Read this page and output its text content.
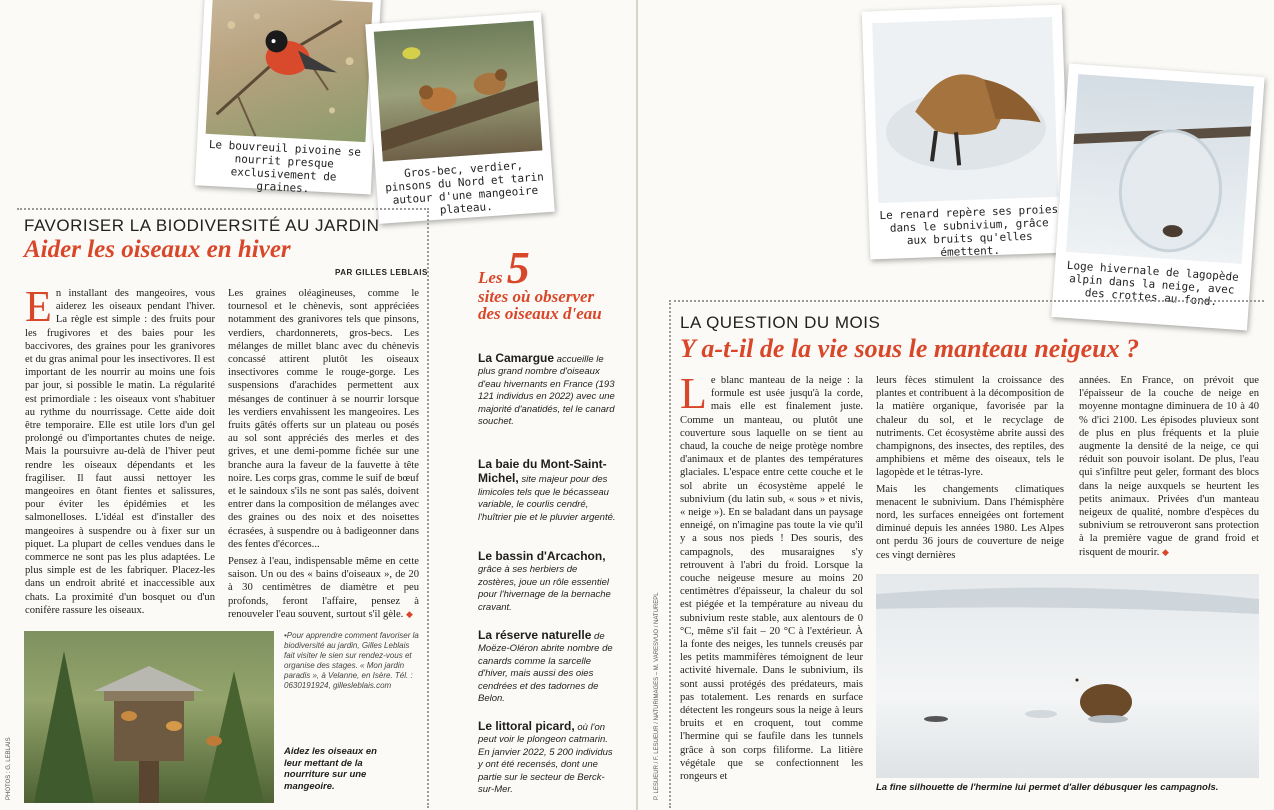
Le bouvreuil pivoine se nourrit presque exclusivement de graines.
Gros-bec, verdier, pinsons du Nord et tarin autour d'une mangeoire plateau.
FAVORISER LA BIODIVERSITÉ AU JARDIN
Aider les oiseaux en hiver
PAR GILLES LEBLAIS
En installant des mangeoires, vous aiderez les oiseaux pendant l'hiver. La règle est simple : des fruits pour les frugivores et des baies pour les baccivores, des graines pour les granivores et du gras animal pour les insectivores. Il est important de les nourrir au moins une fois par jour, si possible le matin. La régularité est primordiale : les oiseaux vont s'habituer au rythme du nourrissage. Cette aide doit être temporaire. Elle est utile lors d'un gel prolongé ou d'importantes chutes de neige. Mais la poursuivre au-delà de l'hiver peut rendre les oiseaux dépendants et les fragiliser. Il faut aussi nettoyer les mangeoires en ôtant fientes et salissures, pour éviter les épidémies et les salmonelloses. L'idéal est d'installer des mangeoires à suspendre ou à fixer sur un piquet. La plupart de celles vendues dans le commerce ne sont pas les plus adaptées. Le plus simple est de les fabriquer. Placez-les dans un endroit abrité et inaccessible aux chats. La proximité d'un bosquet ou d'un conifère rassure les oiseaux.

Les graines oléagineuses, comme le tournesol et le chènevis, sont appréciées notamment des granivores tels que pinsons, verdiers, chardonnerets, gros-becs. Les mélanges de millet blanc avec du chènevis concassé attirent plutôt les oiseaux insectivores comme le rouge-gorge. Les suspensions d'arachides permettent aux mésanges de continuer à se nourrir lorsque les verdiers envahissent les mangeoires. Les fruits gâtés offerts sur un plateau ou posés au sol sont appréciés des merles et des grives, et une demi-pomme fichée sur une branche aura la faveur de la fauvette à tête noire. Les corps gras, comme le suif de bœuf et le saindoux s'ils ne sont pas salés, doivent entrer dans la composition de mélanges avec des graines ou des noix et des noisettes écrasées, à suspendre ou à badigeonner dans des fentes d'écorces...

Pensez à l'eau, indispensable même en cette saison. Un ou des « bains d'oiseaux », de 20 à 30 centimètres de diamètre et peu profonds, feront l'affaire, pensez à renouveler l'eau souvent, surtout s'il gèle. ◆

•Pour apprendre comment favoriser la biodiversité au jardin, Gilles Leblais fait visiter le sien sur rendez-vous et organise des stages. « Mon jardin paradis », à Velanne, en Isère. Tél. : 0630191924, gillesleblais.com
Aidez les oiseaux en leur mettant de la nourriture sur une mangeoire.
PHOTOS : G. LEBLAIS
Les 5
sites où observer des oiseaux d'eau
La Camargue accueille le plus grand nombre d'oiseaux d'eau hivernants en France (193 121 individus en 2022) avec une majorité d'anatidés, tel le canard souchet.
La baie du Mont-Saint-Michel, site majeur pour des limicoles tels que le bécasseau variable, le courlis cendré, l'huîtrier pie et le pluvier argenté.
Le bassin d'Arcachon, grâce à ses herbiers de zostères, joue un rôle essentiel pour l'hivernage de la bernache cravant.
La réserve naturelle de Moëze-Oléron abrite nombre de canards comme la sarcelle d'hiver, mais aussi des oies cendrées et des tadornes de Belon.
Le littoral picard, où l'on peut voir le plongeon catmarin. En janvier 2022, 5 200 individus y ont été recensés, dont une partie sur le secteur de Berck-sur-Mer.
Le renard repère ses proies dans le subnivium, grâce aux bruits qu'elles émettent.
Loge hivernale de lagopède alpin dans la neige, avec des crottes au fond.
LA QUESTION DU MOIS
Y a-t-il de la vie sous le manteau neigeux ?
Le blanc manteau de la neige : la formule est usée jusqu'à la corde, mais elle est finalement juste. Comme un manteau, ou plutôt une couverture sous laquelle on se tient au chaud, la couche de neige protège nombre d'animaux et de plantes des températures glaciales. L'espace entre cette couche et le sol abrite un écosystème appelé le subnivium (du latin sub, « sous » et nivis, « neige »). En se baladant dans un paysage enneigé, on n'imagine pas toute la vie qu'il y a sous nos pieds ! Des souris, des campagnols, des musaraignes s'y retrouvent à l'abri du froid. Lorsque la couche neigeuse mesure au moins 20 centimètres d'épaisseur, la chaleur du sol est piégée et la température au niveau du subnivium reste stable, aux alentours de 0 °C, même s'il fait – 20 °C à l'extérieur. À la fonte des neiges, les tunnels creusés par les petits mammifères témoignent de leur activité hivernale. Dans le subnivium, ils sont aussi protégés des prédateurs, mais pas totalement. Les renards en surface détectent les rongeurs sous la neige à leurs bruits et en croquent, tout comme l'hermine qui se faufile dans les tunnels grâce à son corps filiforme. La litière végétale que se confectionnent les rongeurs et

leurs fèces stimulent la croissance des plantes et contribuent à la décomposition de la matière organique, favorisée par la chaleur du sol, et le recyclage de nutriments. Cet écosystème abrite aussi des champignons, des insectes, des reptiles, des amphibiens et même des oiseaux, tels le lagopède et le tétras-lyre.

Mais les changements climatiques menacent le subnivium. Dans l'hémisphère nord, les surfaces enneigées ont fortement diminué depuis les années 1980. Les Alpes ont perdu 36 jours de couverture de neige ces vingt dernières

années. En France, on prévoit que l'épaisseur de la couche de neige en moyenne montagne diminuera de 10 à 40 % d'ici 2100. Les épisodes pluvieux sont de plus en plus fréquents et la pluie augmente la densité de la neige, ce qui réduit son pouvoir isolant. De plus, l'eau qui s'infiltre peut geler, formant des blocs dans la neige auxquels se heurtent les petits animaux. Privées d'un manteau neigeux de qualité, nombre d'espèces du subnivium se retrouveront sans protection à la première vague de grand froid et risquent de mourir. ◆
La fine silhouette de l'hermine lui permet d'aller débusquer les campagnols.
P. LESUEUR / F. LESUEUR / NATURIMAGES – M. VARESVUO / NATUREPL
